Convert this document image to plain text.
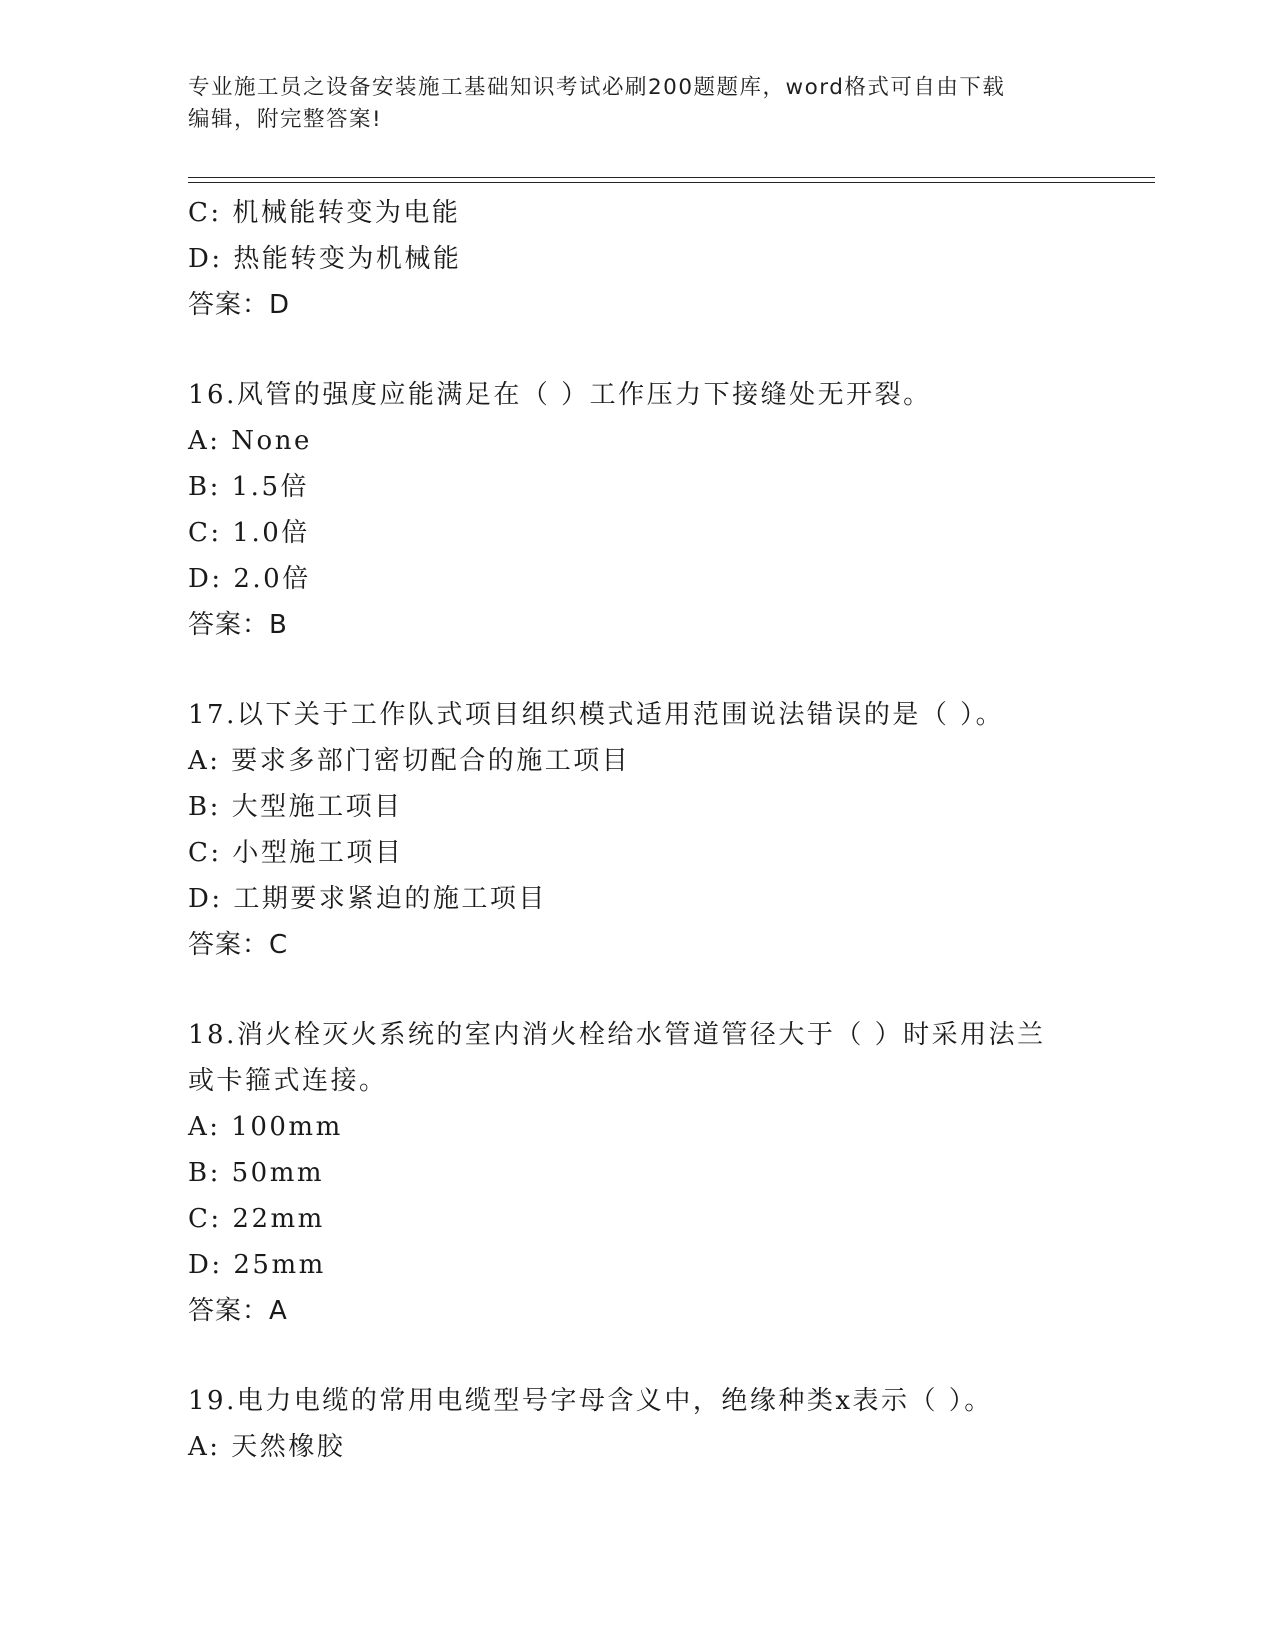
专业施工员之设备安装施工基础知识考试必刷200题题库，word格式可自由下载
编辑，附完整答案!
C: 机械能转变为电能
D: 热能转变为机械能
答案：D
16.风管的强度应能满足在（ ）工作压力下接缝处无开裂。
A: None
B: 1.5倍
C: 1.0倍
D: 2.0倍
答案：B
17.以下关于工作队式项目组织模式适用范围说法错误的是（ ）。
A: 要求多部门密切配合的施工项目
B: 大型施工项目
C: 小型施工项目
D: 工期要求紧迫的施工项目
答案：C
18.消火栓灭火系统的室内消火栓给水管道管径大于（ ）时采用法兰
或卡箍式连接。
A: 100mm
B: 50mm
C: 22mm
D: 25mm
答案：A
19.电力电缆的常用电缆型号字母含义中，绝缘种类x表示（ ）。
A: 天然橡胶
